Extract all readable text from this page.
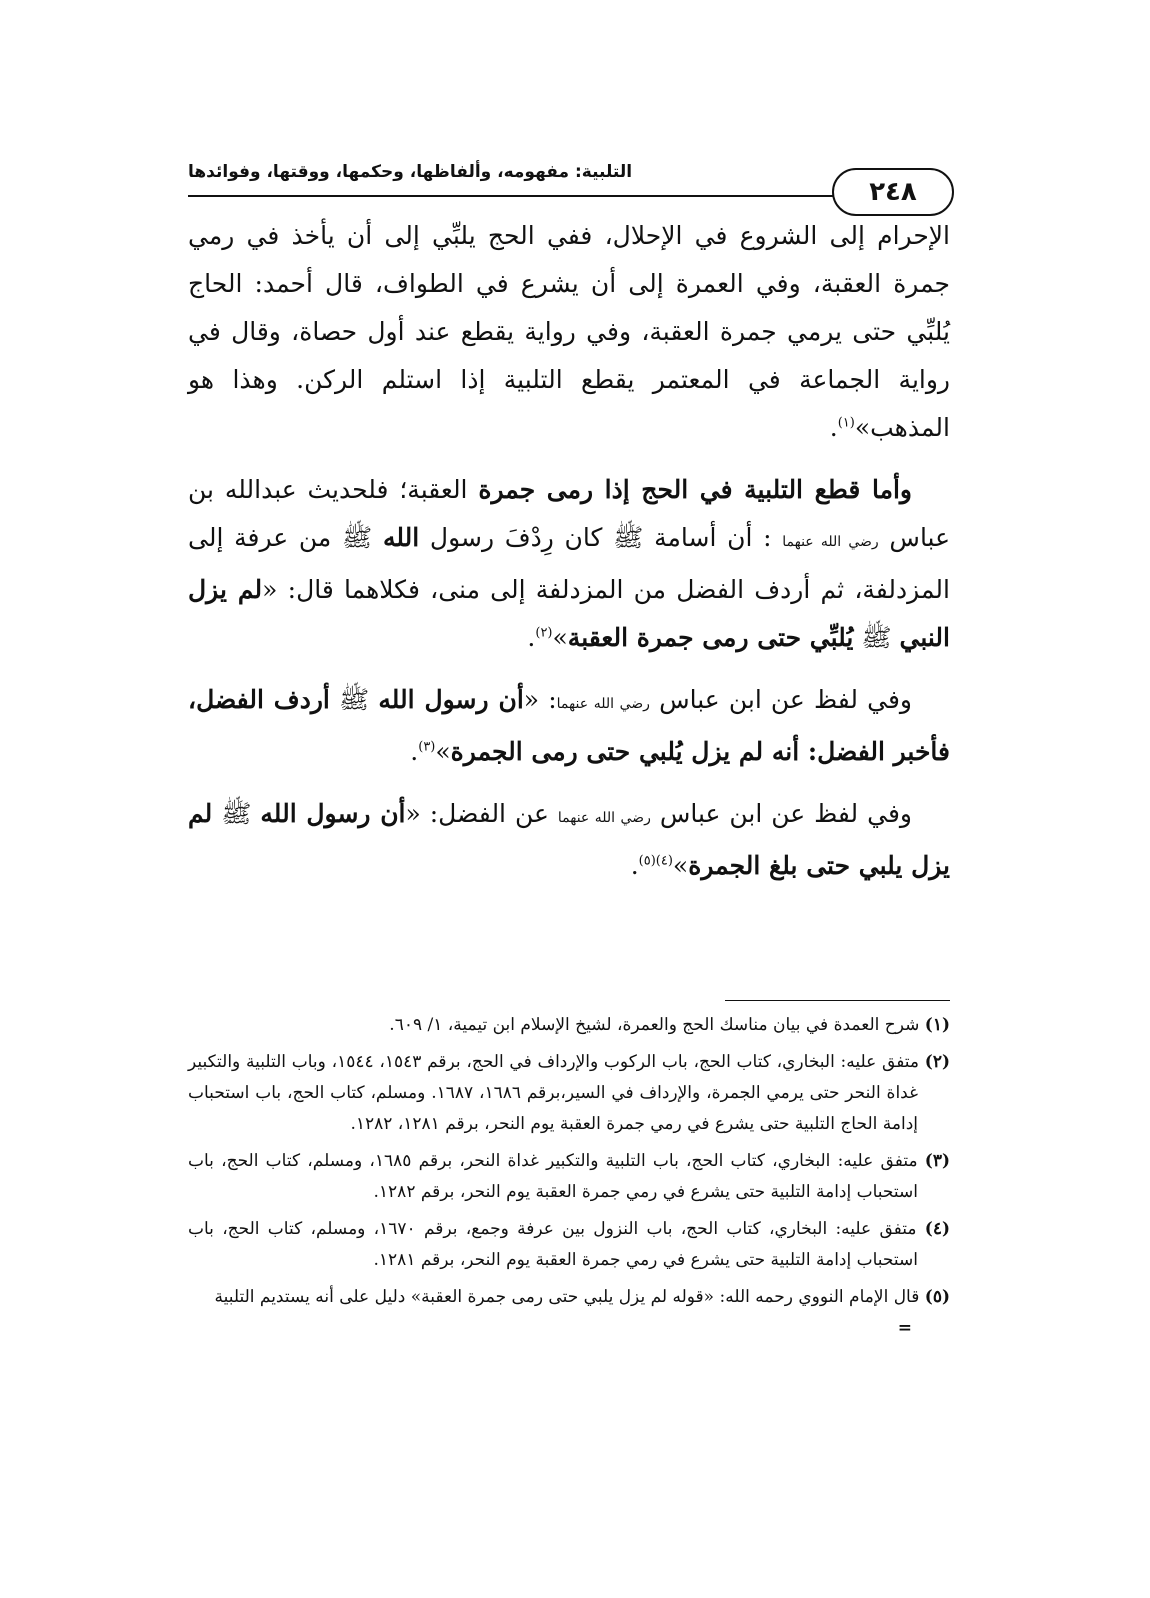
٢٤٨
التلبية: مفهومه، وألفاظها، وحكمها، ووقتها، وفوائدها

الإحرام إلى الشروع في الإحلال، ففي الحج يلبِّي إلى أن يأخذ في رمي جمرة العقبة، وفي العمرة إلى أن يشرع في الطواف، قال أحمد: الحاج يُلبِّي حتى يرمي جمرة العقبة، وفي رواية يقطع عند أول حصاة، وقال في رواية الجماعة في المعتمر يقطع التلبية إذا استلم الركن. وهذا هو المذهب»$^{(١)}$.

وأما قطع التلبية في الحج إذا رمى جمرة العقبة؛ فلحديث عبدالله بن عباس رضي الله عنهما : أن أسامة ﷺ كان رِدْفَ رسول الله ﷺ من عرفة إلى المزدلفة، ثم أردف الفضل من المزدلفة إلى منى، فكلاهما قال: «لم يزل النبي ﷺ يُلبِّي حتى رمى جمرة العقبة»$^{(٢)}$.

وفي لفظ عن ابن عباس رضي الله عنهما: «أن رسول الله ﷺ أردف الفضل، فأخبر الفضل: أنه لم يزل يُلبي حتى رمى الجمرة»$^{(٣)}$.

وفي لفظ عن ابن عباس رضي الله عنهما عن الفضل: «أن رسول الله ﷺ لم يزل يلبي حتى بلغ الجمرة»$^{(٤)(٥)}$.

(١) شرح العمدة في بيان مناسك الحج والعمرة، لشيخ الإسلام ابن تيمية، ١/ ٦٠٩.

(٢) متفق عليه: البخاري، كتاب الحج، باب الركوب والإرداف في الحج، برقم ١٥٤٣، ١٥٤٤، وباب التلبية والتكبير غداة النحر حتى يرمي الجمرة، والإرداف في السير،برقم ١٦٨٦، ١٦٨٧. ومسلم، كتاب الحج، باب استحباب إدامة الحاج التلبية حتى يشرع في رمي جمرة العقبة يوم النحر، برقم ١٢٨١، ١٢٨٢.

(٣) متفق عليه: البخاري، كتاب الحج، باب التلبية والتكبير غداة النحر، برقم ١٦٨٥، ومسلم، كتاب الحج، باب استحباب إدامة التلبية حتى يشرع في رمي جمرة العقبة يوم النحر، برقم ١٢٨٢.

(٤) متفق عليه: البخاري، كتاب الحج، باب النزول بين عرفة وجمع، برقم ١٦٧٠، ومسلم، كتاب الحج، باب استحباب إدامة التلبية حتى يشرع في رمي جمرة العقبة يوم النحر، برقم ١٢٨١.

(٥) قال الإمام النووي رحمه الله: «قوله لم يزل يلبي حتى رمى جمرة العقبة» دليل على أنه يستديم التلبية
=
